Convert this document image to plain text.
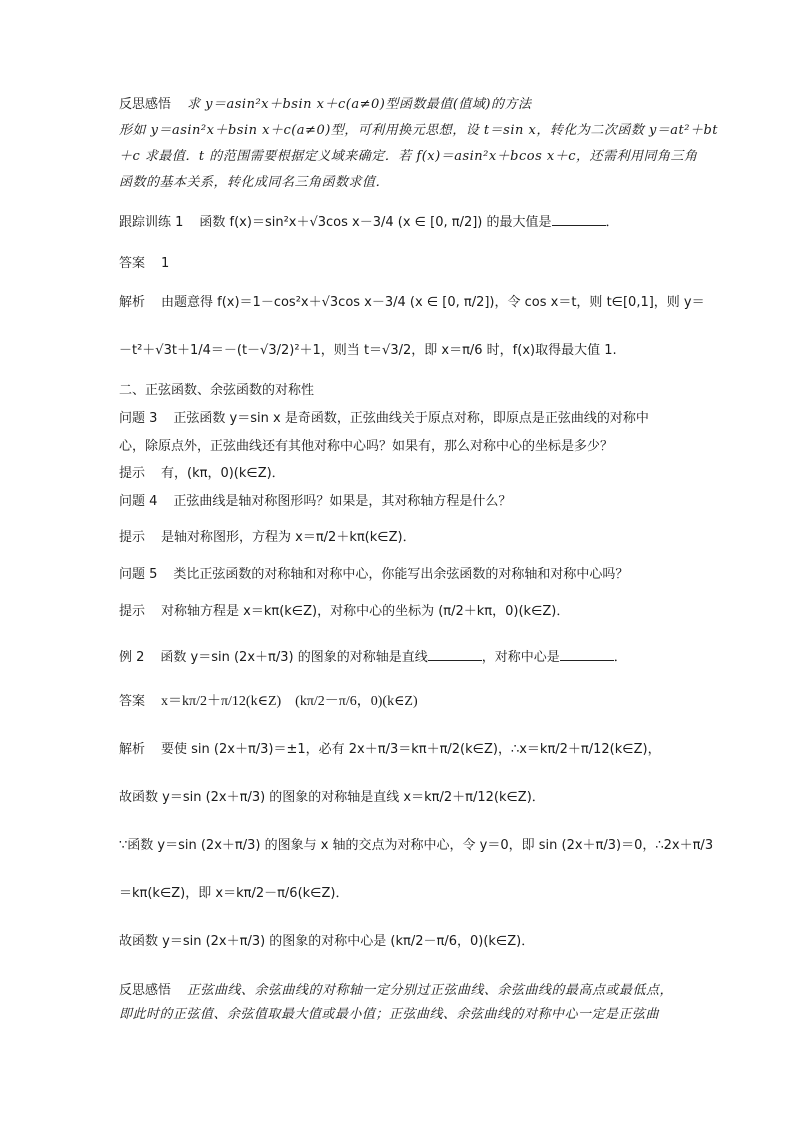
反思感悟 求 y＝asin²x＋bsin x＋c(a≠0)型函数最值(值域)的方法
形如 y＝asin²x＋bsin x＋c(a≠0)型，可利用换元思想，设 t＝sin x，转化为二次函数 y＝at²＋bt
＋c 求最值．t 的范围需要根据定义域来确定．若 f(x)＝asin²x＋bcos x＋c，还需利用同角三角
函数的基本关系，转化成同名三角函数求值．
跟踪训练 1 函数 f(x)＝sin²x＋√3cos x－3/4 (x ∈ [0, π/2]) 的最大值是	．
答案 1
解析 由题意得 f(x)＝1－cos²x＋√3cos x－3/4 (x ∈ [0, π/2])，令 cos x＝t，则 t∈[0,1]，则 y＝
－t²＋√3t＋1/4＝－(t－√3/2)²＋1，则当 t＝√3/2，即 x＝π/6 时，f(x)取得最大值 1.
二、正弦函数、余弦函数的对称性
问题 3 正弦函数 y＝sin x 是奇函数，正弦曲线关于原点对称，即原点是正弦曲线的对称中
心，除原点外，正弦曲线还有其他对称中心吗？如果有，那么对称中心的坐标是多少？
提示 有，(kπ，0)(k∈Z)．
问题 4 正弦曲线是轴对称图形吗？如果是，其对称轴方程是什么？
提示 是轴对称图形，方程为 x＝π/2＋kπ(k∈Z)．
问题 5 类比正弦函数的对称轴和对称中心，你能写出余弦函数的对称轴和对称中心吗？
提示 对称轴方程是 x＝kπ(k∈Z)，对称中心的坐标为 (π/2＋kπ，0)(k∈Z)．
例 2 函数 y＝sin (2x＋π/3) 的图象的对称轴是直线	，对称中心是	．
答案 x＝kπ/2＋π/12(k∈Z)　(kπ/2－π/6，0)(k∈Z)
解析 要使 sin (2x＋π/3)＝±1，必有 2x＋π/3＝kπ＋π/2(k∈Z)，∴x＝kπ/2＋π/12(k∈Z)，
故函数 y＝sin (2x＋π/3) 的图象的对称轴是直线 x＝kπ/2＋π/12(k∈Z)．
∵函数 y＝sin (2x＋π/3) 的图象与 x 轴的交点为对称中心，令 y＝0，即 sin (2x＋π/3)＝0，∴2x＋π/3
＝kπ(k∈Z)，即 x＝kπ/2－π/6(k∈Z)．
故函数 y＝sin (2x＋π/3) 的图象的对称中心是 (kπ/2－π/6，0)(k∈Z)．
反思感悟 正弦曲线、余弦曲线的对称轴一定分别过正弦曲线、余弦曲线的最高点或最低点，
即此时的正弦值、余弦值取最大值或最小值；正弦曲线、余弦曲线的对称中心一定是正弦曲
